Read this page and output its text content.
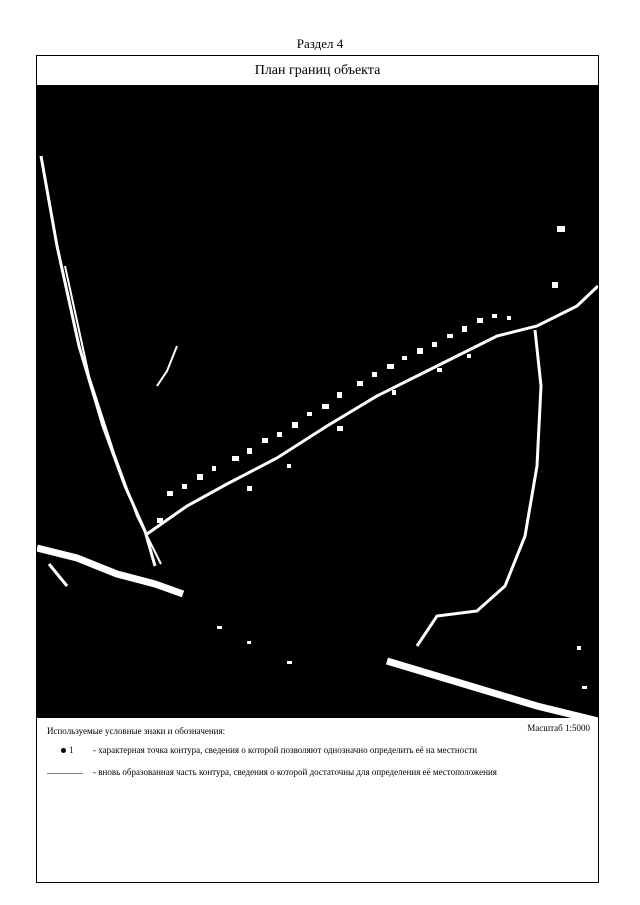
Раздел 4
План границ объекта
Используемые условные знаки и обозначения:	Масштаб 1:5000
1 - характерная точка контура, сведения о которой позволяют однозначно определить её на местности
- вновь образованная часть контура, сведения о которой достаточны для определения её местоположения
